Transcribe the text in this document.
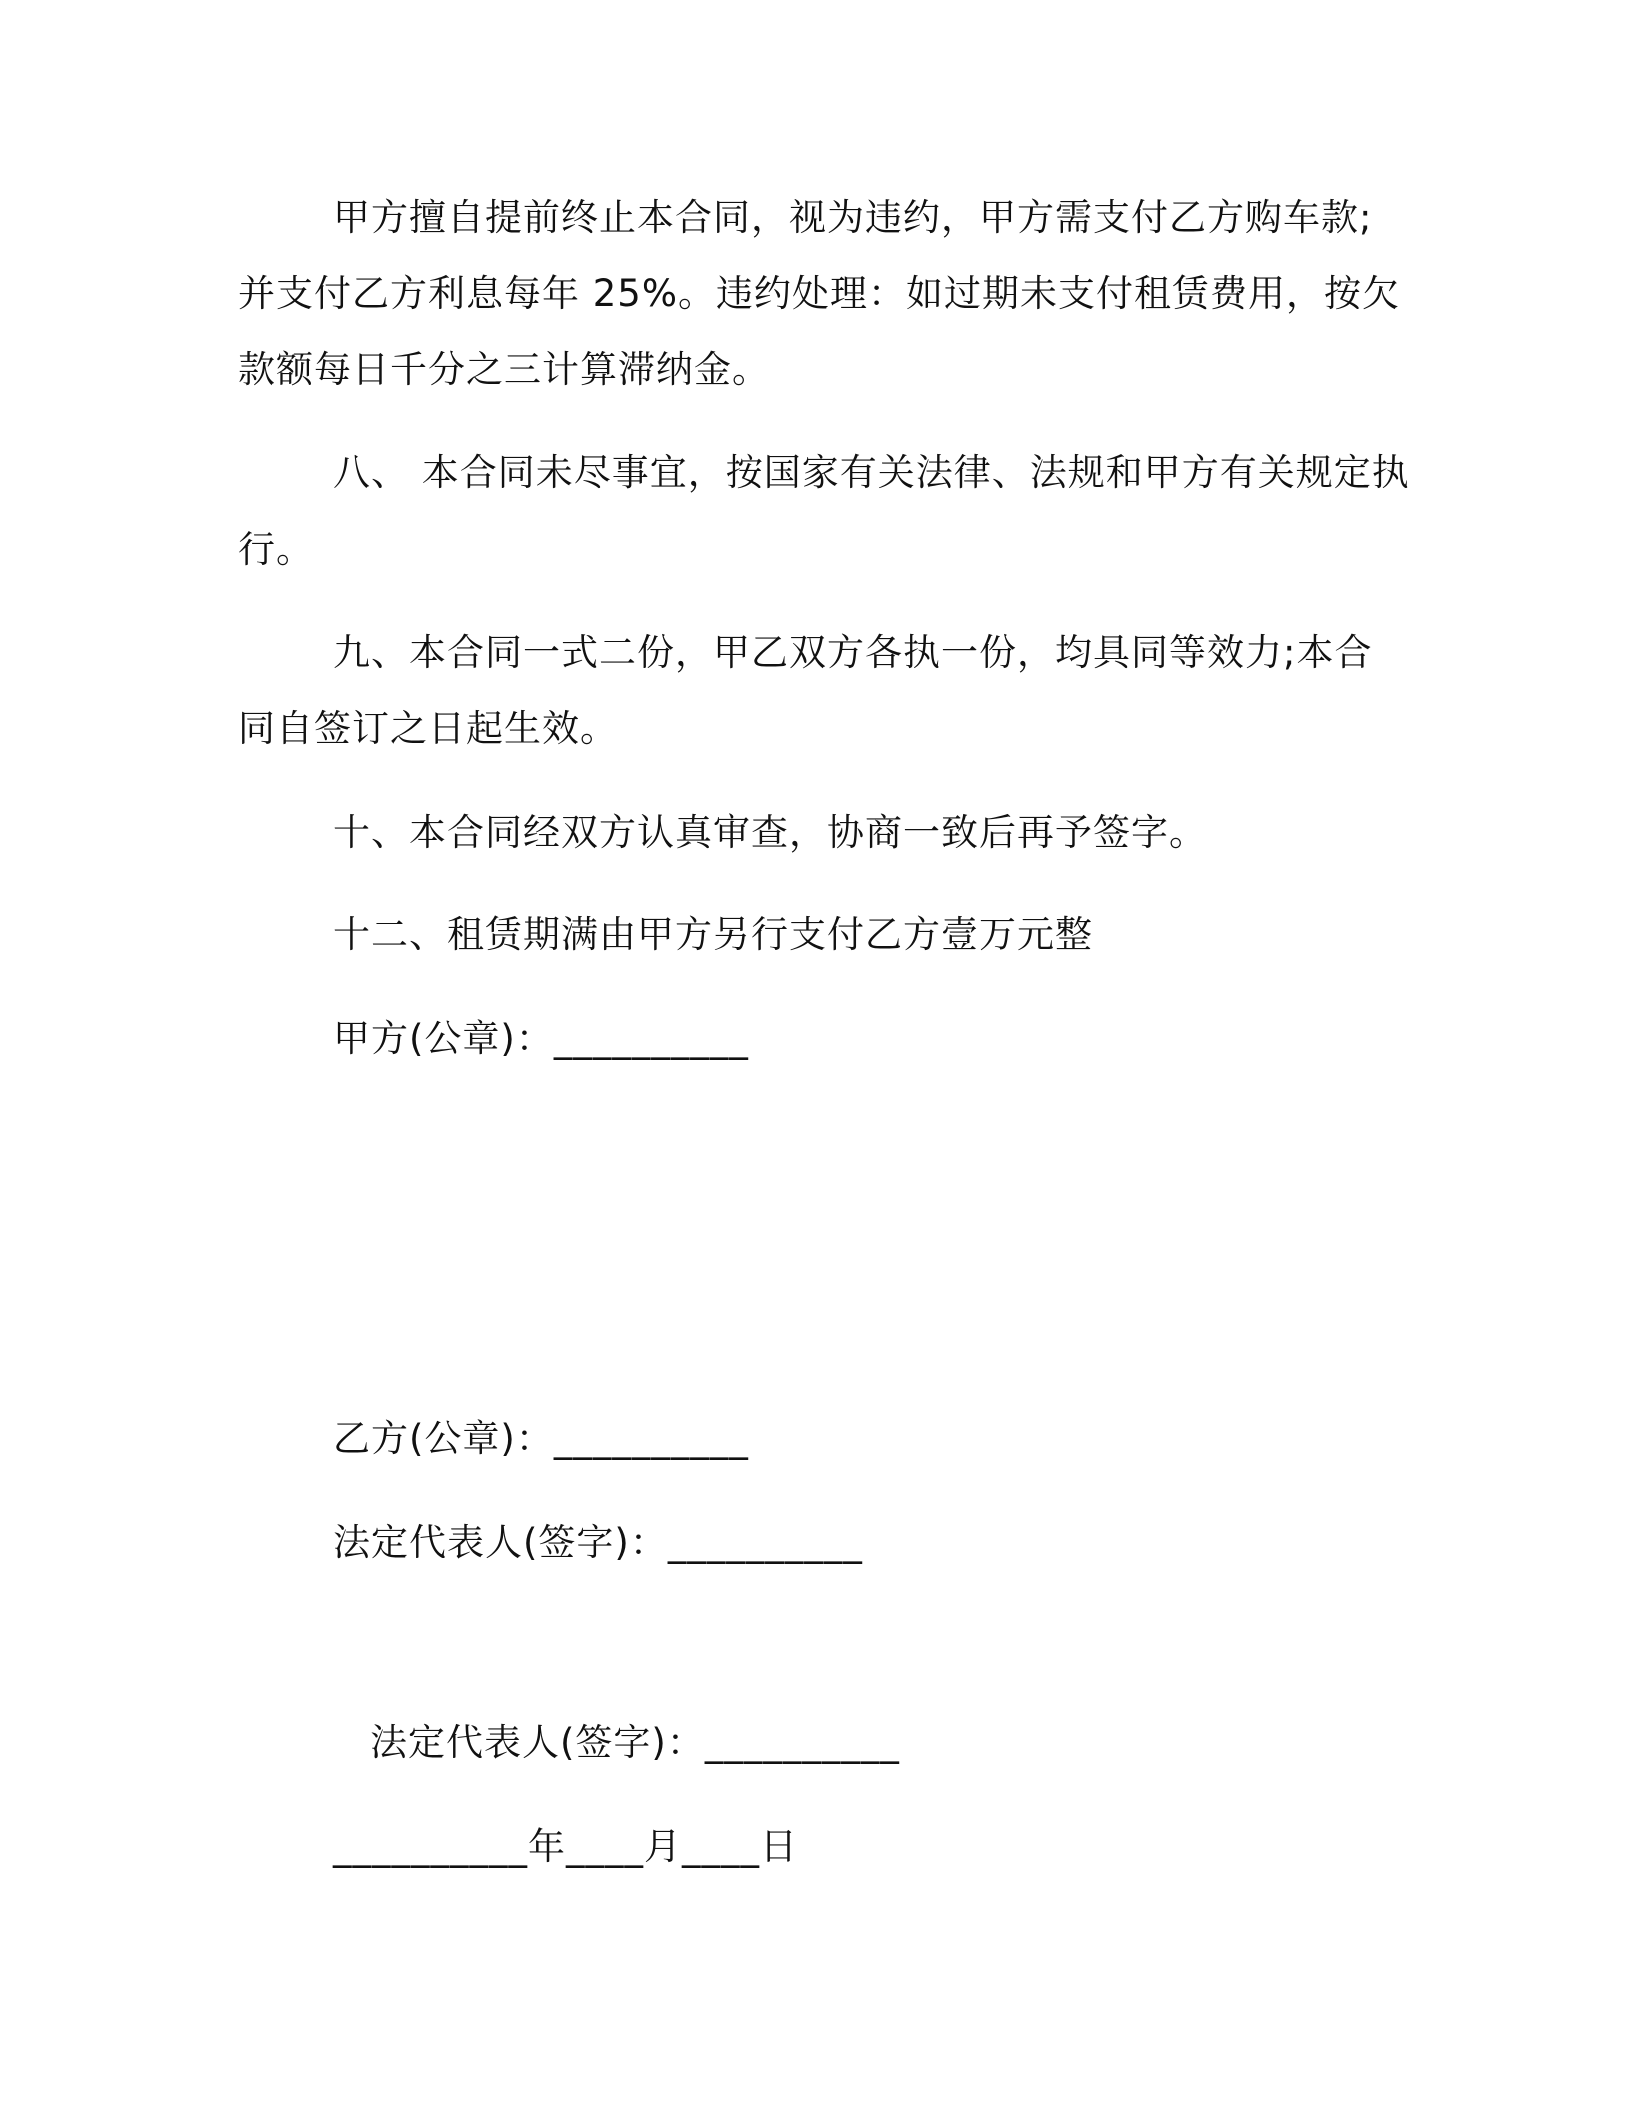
甲方擅自提前终止本合同，视为违约，甲方需支付乙方购车款;
并支付乙方利息每年 25%。违约处理：如过期未支付租赁费用，按欠
款额每日千分之三计算滞纳金。
八、 本合同未尽事宜，按国家有关法律、法规和甲方有关规定执
行。
九、本合同一式二份，甲乙双方各执一份，均具同等效力;本合
同自签订之日起生效。
十、本合同经双方认真审查，协商一致后再予签字。
十二、租赁期满由甲方另行支付乙方壹万元整
甲方(公章)：__________
乙方(公章)：__________
法定代表人(签字)：__________
法定代表人(签字)：__________
__________年____月____日
